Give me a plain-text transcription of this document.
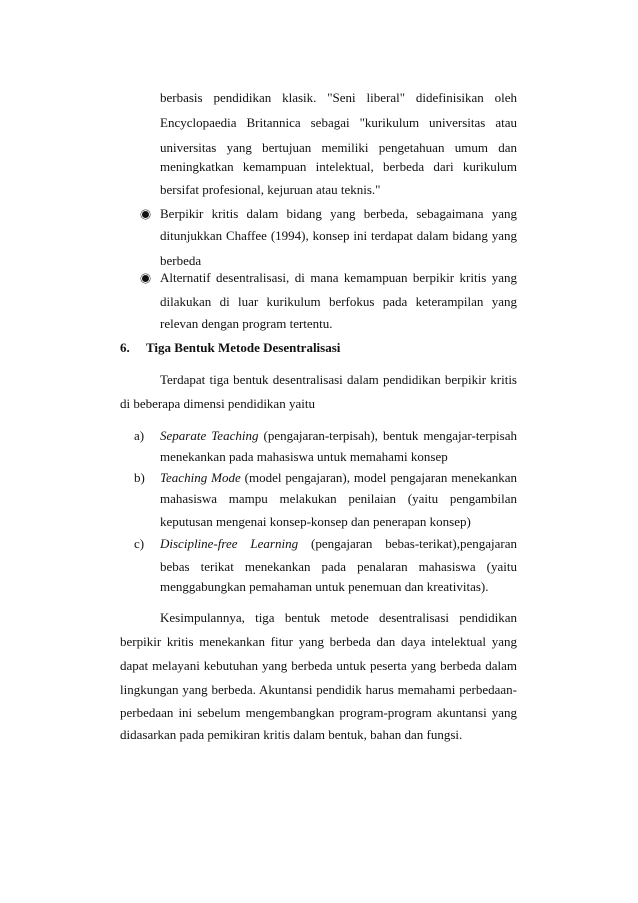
berbasis pendidikan klasik. "Seni liberal" didefinisikan oleh
Encyclopaedia Britannica sebagai "kurikulum universitas atau
universitas yang bertujuan memiliki pengetahuan umum dan
meningkatkan kemampuan intelektual, berbeda dari kurikulum
bersifat profesional, kejuruan atau teknis."
Berpikir kritis dalam bidang yang berbeda, sebagaimana yang
ditunjukkan Chaffee (1994), konsep ini terdapat dalam bidang yang
berbeda
Alternatif desentralisasi, di mana kemampuan berpikir kritis yang
dilakukan di luar kurikulum berfokus pada keterampilan yang
relevan dengan program tertentu.
6. Tiga Bentuk Metode Desentralisasi
Terdapat tiga bentuk desentralisasi dalam pendidikan berpikir kritis
di beberapa dimensi pendidikan yaitu
a) Separate Teaching (pengajaran-terpisah), bentuk mengajar-terpisah
menekankan pada mahasiswa untuk memahami konsep
b) Teaching Mode (model pengajaran), model pengajaran menekankan
mahasiswa mampu melakukan penilaian (yaitu pengambilan
keputusan mengenai konsep-konsep dan penerapan konsep)
c) Discipline-free Learning (pengajaran bebas-terikat),pengajaran
bebas terikat menekankan pada penalaran mahasiswa (yaitu
menggabungkan pemahaman untuk penemuan dan kreativitas).
Kesimpulannya, tiga bentuk metode desentralisasi pendidikan
berpikir kritis menekankan fitur yang berbeda dan daya intelektual yang
dapat melayani kebutuhan yang berbeda untuk peserta yang berbeda dalam
lingkungan yang berbeda. Akuntansi pendidik harus memahami perbedaan-
perbedaan ini sebelum mengembangkan program-program akuntansi yang
didasarkan pada pemikiran kritis dalam bentuk, bahan dan fungsi.
